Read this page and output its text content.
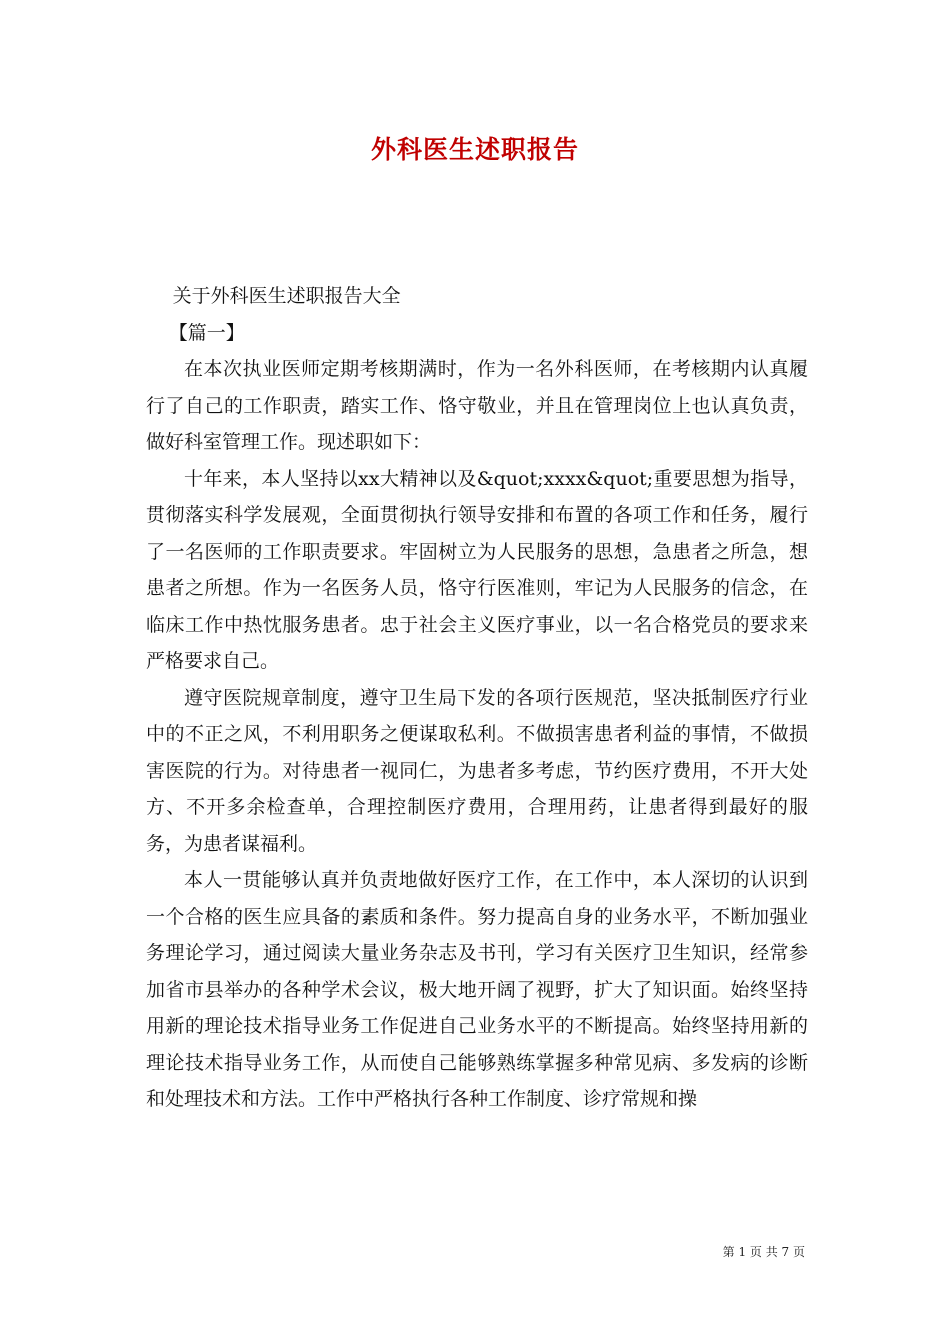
外科医生述职报告

关于外科医生述职报告大全

【篇一】

在本次执业医师定期考核期满时，作为一名外科医师，在考核期内认真履行了自己的工作职责，踏实工作、恪守敬业，并且在管理岗位上也认真负责，做好科室管理工作。现述职如下：

十年来，本人坚持以xx大精神以及&quot;xxxx&quot;重要思想为指导，贯彻落实科学发展观，全面贯彻执行领导安排和布置的各项工作和任务，履行了一名医师的工作职责要求。牢固树立为人民服务的思想，急患者之所急，想患者之所想。作为一名医务人员，恪守行医准则，牢记为人民服务的信念，在临床工作中热忱服务患者。忠于社会主义医疗事业，以一名合格党员的要求来严格要求自己。

遵守医院规章制度，遵守卫生局下发的各项行医规范，坚决抵制医疗行业中的不正之风，不利用职务之便谋取私利。不做损害患者利益的事情，不做损害医院的行为。对待患者一视同仁，为患者多考虑，节约医疗费用，不开大处方、不开多余检查单，合理控制医疗费用，合理用药，让患者得到最好的服务，为患者谋福利。

本人一贯能够认真并负责地做好医疗工作，在工作中，本人深切的认识到一个合格的医生应具备的素质和条件。努力提高自身的业务水平，不断加强业务理论学习，通过阅读大量业务杂志及书刊，学习有关医疗卫生知识，经常参加省市县举办的各种学术会议，极大地开阔了视野，扩大了知识面。始终坚持用新的理论技术指导业务工作促进自己业务水平的不断提高。始终坚持用新的理论技术指导业务工作，从而使自己能够熟练掌握多种常见病、多发病的诊断和处理技术和方法。工作中严格执行各种工作制度、诊疗常规和操

第 1 页 共 7 页
